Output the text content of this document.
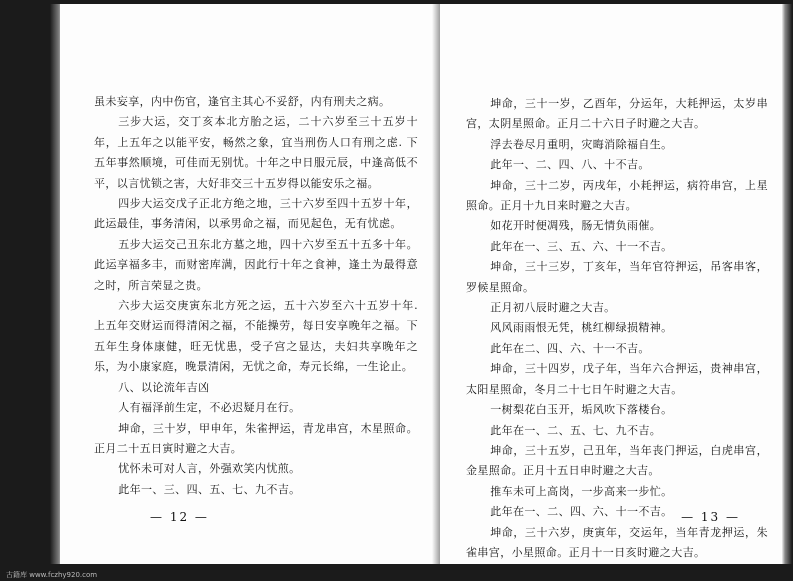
虽未妄享，内中伤官，逢官主其心不妥舒，内有刑夫之病。

三步大运，交丁亥本北方胎之运，二十六岁至三十五岁十年，上五年之以能平安，畅然之象，宜当刑伤人口有刑之虑. 下五年事然顺境，可佳而无别忧。十年之中日服元辰，中逢高低不平，以言忧锁之害，大好非交三十五岁得以能安乐之福。

四步大运交戊子正北方绝之地，三十六岁至四十五岁十年，此运最佳，事务清闲，以承男命之福，而见起色，无有忧虑。

五步大运交己丑东北方墓之地，四十六岁至五十五多十年。此运享福多丰，而财密库满，因此行十年之食神，逢土为最得意之时，所言荣显之贵。

六步大运交庚寅东北方死之运，五十六岁至六十五岁十年. 上五年交财运而得清闲之福，不能操劳，每日安享晚年之福。下五年生身体康健，旺无忧患，受子宫之显达，夫妇共享晚年之乐，为小康家庭，晚景清闲，无忧之命，寿元长绵，一生论止。

八、以论流年吉凶

人有福泽前生定，不必迟疑月在行。

坤命，三十岁，甲申年，朱雀押运，青龙串宫，木星照命。正月二十五日寅时避之大吉。

忧怀未可对人言，外强欢笑内忧煎。

此年一、三、四、五、七、九不吉。

— 12 —

坤命，三十一岁，乙酉年，分运年，大耗押运，太岁串宫，太阴星照命。正月二十六日子时避之大吉。

浮去卷尽月重明，灾晦消除福自生。

此年一、二、四、八、十不吉。

坤命，三十二岁，丙戌年，小耗押运，病符串宫，上星照命。正月十九日来时避之大吉。

如花开时便凋残，肠无情负雨催。

此年在一、三、五、六、十一不吉。

坤命，三十三岁，丁亥年，当年官符押运，吊客串客，罗候星照命。

正月初八辰时避之大吉。

风风雨雨恨无凭，桃红柳绿损精神。

此年在二、四、六、十一不吉。

坤命，三十四岁，戊子年，当年六合押运，贵神串宫，太阳星照命，冬月二十七日午时避之大吉。

一树梨花白玉开，垢风吹下落楼台。

此年在一、二、五、七、九不吉。

坤命，三十五岁，己丑年，当年丧门押运，白虎串宫，金星照命。正月十五日申时避之大吉。

推车未可上高岗，一步高来一步忙。

此年在一、二、四、六、十一不吉。

坤命，三十六岁，庚寅年，交运年，当年青龙押运，朱雀串宫，小星照命。正月十一日亥时避之大吉。

— 13 —
古籍库 www.fczhy920.com
